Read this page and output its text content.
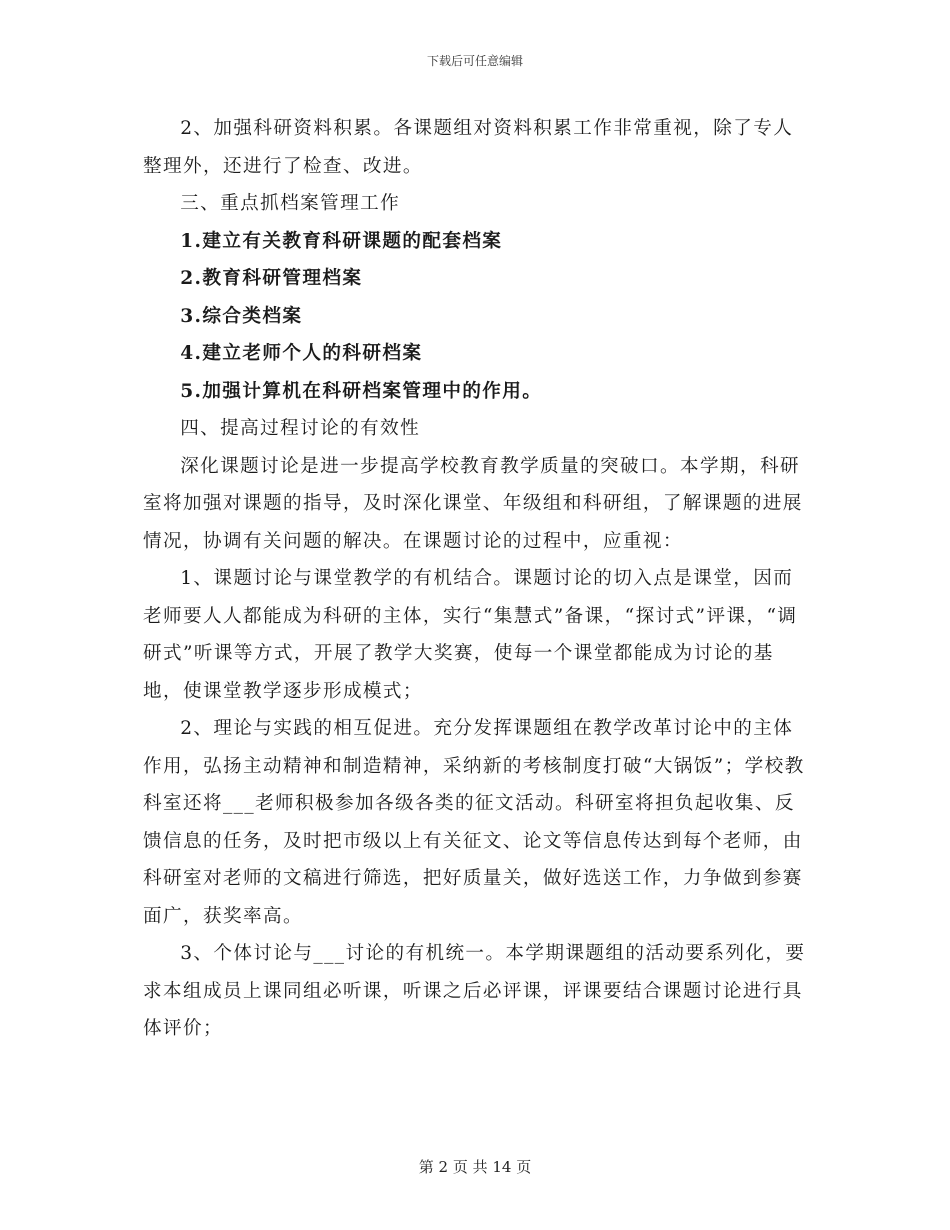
下载后可任意编辑

2、加强科研资料积累。各课题组对资料积累工作非常重视，除了专人整理外，还进行了检查、改进。

三、重点抓档案管理工作

1.建立有关教育科研课题的配套档案

2.教育科研管理档案

3.综合类档案

4.建立老师个人的科研档案

5.加强计算机在科研档案管理中的作用。

四、提高过程讨论的有效性

深化课题讨论是进一步提高学校教育教学质量的突破口。本学期，科研室将加强对课题的指导，及时深化课堂、年级组和科研组，了解课题的进展情况，协调有关问题的解决。在课题讨论的过程中，应重视：

1、课题讨论与课堂教学的有机结合。课题讨论的切入点是课堂，因而老师要人人都能成为科研的主体，实行“集慧式”备课，“探讨式”评课，“调研式”听课等方式，开展了教学大奖赛，使每一个课堂都能成为讨论的基地，使课堂教学逐步形成模式；

2、理论与实践的相互促进。充分发挥课题组在教学改革讨论中的主体作用，弘扬主动精神和制造精神，采纳新的考核制度打破“大锅饭”；学校教科室还将___老师积极参加各级各类的征文活动。科研室将担负起收集、反馈信息的任务，及时把市级以上有关征文、论文等信息传达到每个老师，由科研室对老师的文稿进行筛选，把好质量关，做好选送工作，力争做到参赛面广，获奖率高。

3、个体讨论与___讨论的有机统一。本学期课题组的活动要系列化，要求本组成员上课同组必听课，听课之后必评课，评课要结合课题讨论进行具体评价；

第 2 页 共 14 页
